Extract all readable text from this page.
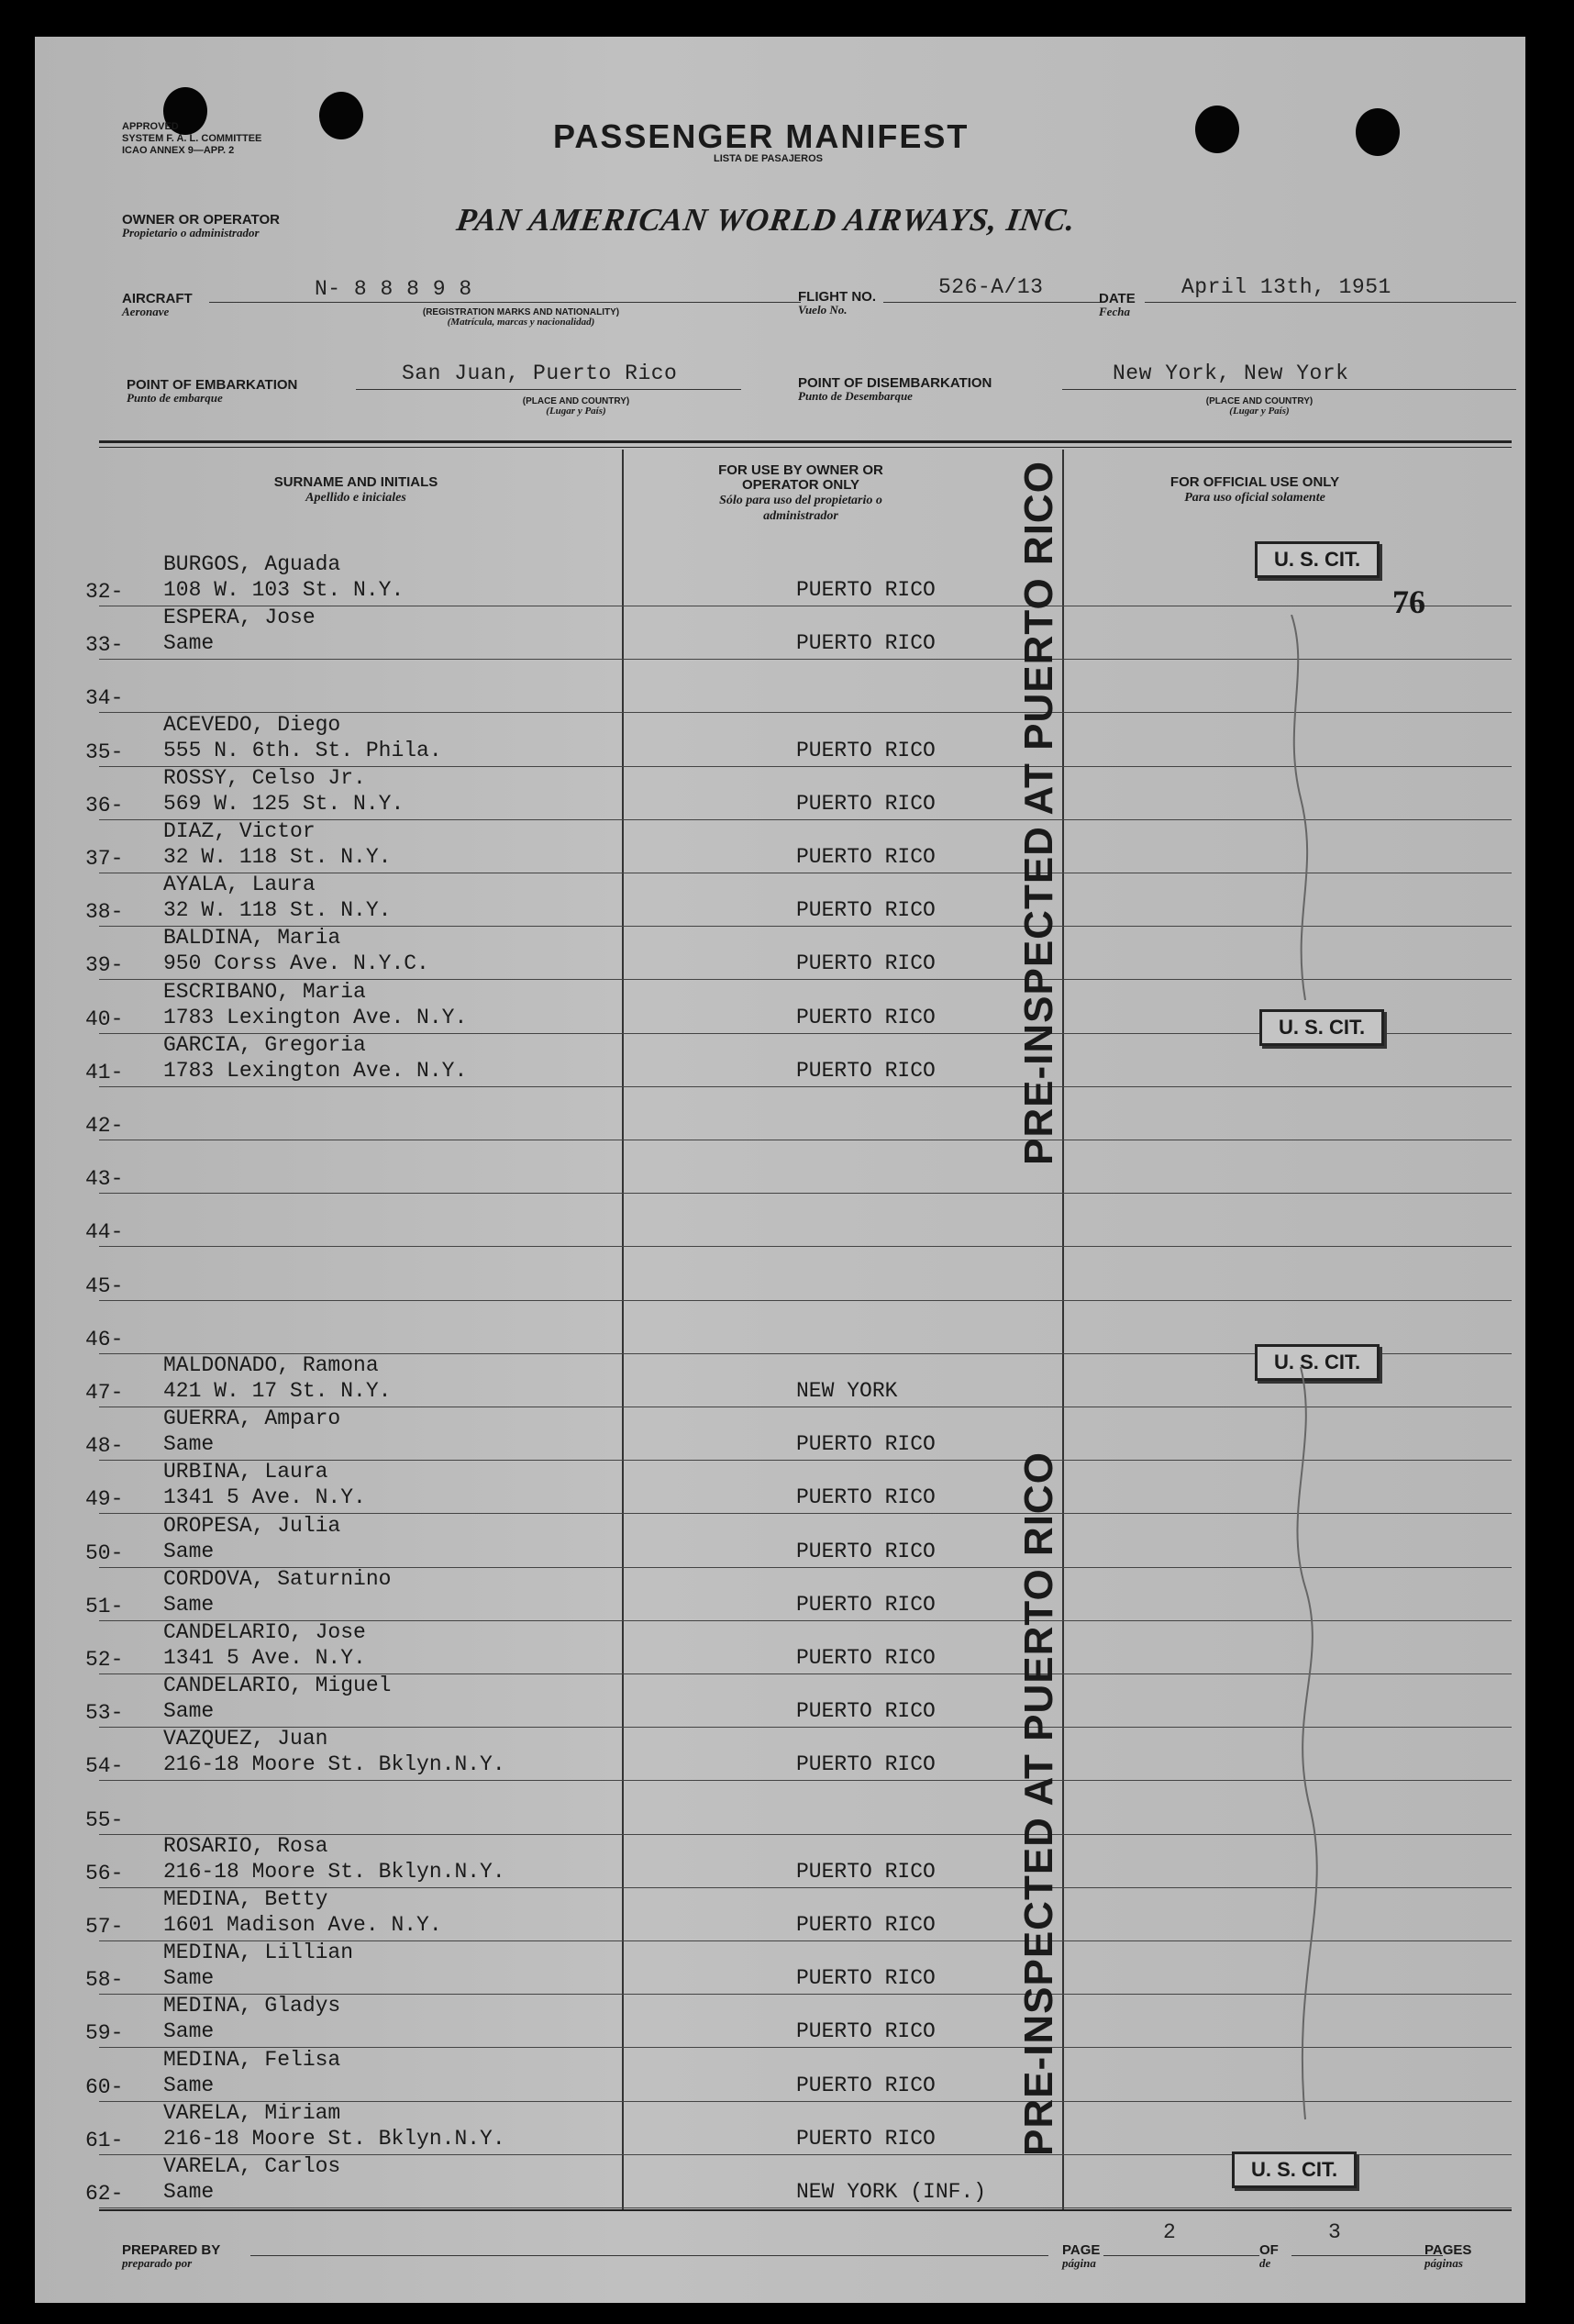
APPROVED
SYSTEM F. A. L. COMMITTEE
ICAO ANNEX 9—APP. 2	PASSENGER MANIFEST
LISTA DE PASAJEROS
OWNER OR OPERATOR
Propietario o administrador	PAN AMERICAN WORLD AIRWAYS, INC.
AIRCRAFT
Aeronave
N- 8 8 8 9 8
(REGISTRATION MARKS AND NATIONALITY)
(Matrícula, marcas y nacionalidad)
FLIGHT NO.
Vuelo No.
526-A/13	DATE
Fecha
April 13th, 1951
POINT OF EMBARKATION
Punto de embarque
San Juan, Puerto Rico
(PLACE AND COUNTRY)
(Lugar y País)
POINT OF DISEMBARKATION
Punto de Desembarque
New York, New York
(PLACE AND COUNTRY)
(Lugar y País)
SURNAME AND INITIALS
Apellido e iniciales
FOR USE BY OWNER OR OPERATOR ONLY
Sólo para uso del propietario o administrador
FOR OFFICIAL USE ONLY
Para uso oficial solamente
32-
BURGOS, Aguada
108 W. 103 St. N.Y.	PUERTO RICO
33-
ESPERA, Jose
Same	PUERTO RICO
34-
35-
ACEVEDO, Diego
555 N. 6th. St. Phila.	PUERTO RICO
36-
ROSSY, Celso Jr.
569 W. 125 St. N.Y.	PUERTO RICO
37-
DIAZ, Victor
32 W. 118 St. N.Y.	PUERTO RICO
38-
AYALA, Laura
32 W. 118 St. N.Y.	PUERTO RICO
39-
BALDINA, Maria
950 Corss Ave. N.Y.C.	PUERTO RICO
40-
ESCRIBANO, Maria
1783 Lexington Ave. N.Y.	PUERTO RICO
41-
GARCIA, Gregoria
1783 Lexington Ave. N.Y.	PUERTO RICO
42-
43-
44-
45-
46-
47-
MALDONADO, Ramona
421 W. 17 St. N.Y.	NEW YORK
48-
GUERRA, Amparo
Same	PUERTO RICO
49-
URBINA, Laura
1341 5 Ave. N.Y.	PUERTO RICO
50-
OROPESA, Julia
Same	PUERTO RICO
51-
CORDOVA, Saturnino
Same	PUERTO RICO
52-
CANDELARIO, Jose
1341 5 Ave. N.Y.	PUERTO RICO
53-
CANDELARIO, Miguel
Same	PUERTO RICO
54-
VAZQUEZ, Juan
216-18 Moore St. Bklyn.N.Y.	PUERTO RICO
55-
56-
ROSARIO, Rosa
216-18 Moore St. Bklyn.N.Y.	PUERTO RICO
57-
MEDINA, Betty
1601 Madison Ave. N.Y.	PUERTO RICO
58-
MEDINA, Lillian
Same	PUERTO RICO
59-
MEDINA, Gladys
Same	PUERTO RICO
60-
MEDINA, Felisa
Same	PUERTO RICO
61-
VARELA, Miriam
216-18 Moore St. Bklyn.N.Y.	PUERTO RICO
62-
VARELA, Carlos
Same	NEW YORK (INF.)
U. S. CIT.
76
U. S. CIT.
U. S. CIT.
U. S. CIT.
PRE-INSPECTED AT PUERTO RICO
PRE-INSPECTED AT PUERTO RICO
PREPARED BY
preparado por
PAGE
página
2
OF
de
3
PAGES
páginas
